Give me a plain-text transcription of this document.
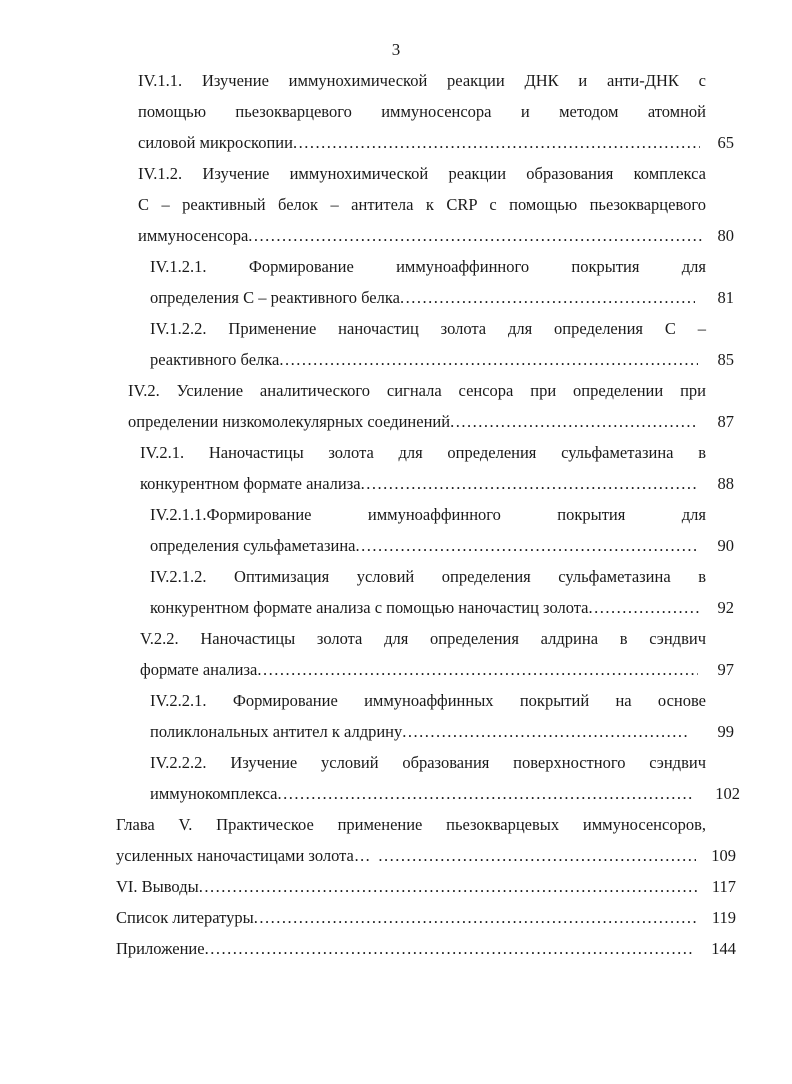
3
IV.1.1. Изучение иммунохимической реакции ДНК и анти-ДНК с
помощью пьезокварцевого иммуносенсора и методом атомной
силовой микроскопии .....	65
IV.1.2. Изучение иммунохимической реакции образования комплекса
С – реактивный белок – антитела к CRP с помощью пьезокварцевого
иммуносенсора .....	80
IV.1.2.1. Формирование иммуноаффинного покрытия для
определения С – реактивного белка .....	81
IV.1.2.2. Применение наночастиц золота для определения С –
реактивного белка .....	85
IV.2. Усиление аналитического сигнала сенсора при определении при
определении низкомолекулярных соединений .....	87
IV.2.1. Наночастицы золота для определения сульфаметазина в
конкурентном формате анализа .....	88
IV.2.1.1.Формирование иммуноаффинного покрытия для
определения сульфаметазина .....	90
IV.2.1.2. Оптимизация условий определения сульфаметазина в
конкурентном формате анализа с помощью наночастиц золота .....	92
V.2.2. Наночастицы золота для определения алдрина в сэндвич
формате анализа .....	97
IV.2.2.1. Формирование иммуноаффинных покрытий на основе
поликлональных антител к алдрину .....	99
IV.2.2.2. Изучение условий образования поверхностного сэндвич
иммунокомплекса .....	102
Глава V. Практическое применение пьезокварцевых иммуносенсоров,
усиленных наночастицами золота… .....	109
VI. Выводы .....	117
Список литературы .....	119
Приложение .....	144
